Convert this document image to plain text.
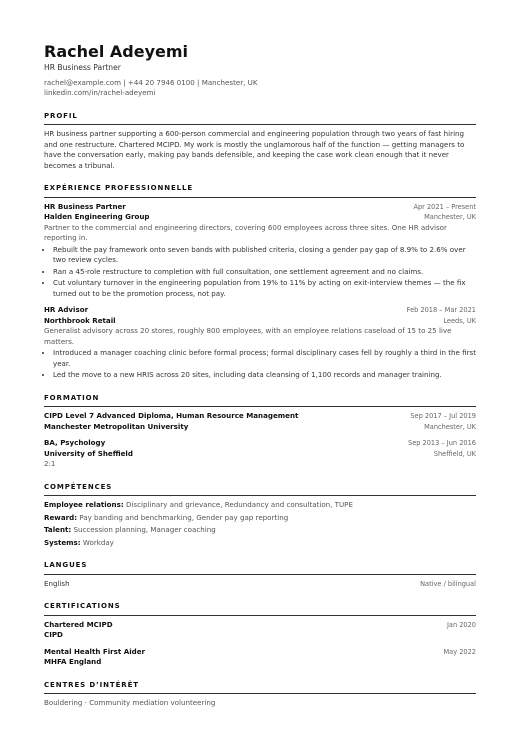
Rachel Adeyemi
HR Business Partner
rachel@example.com | +44 20 7946 0100 | Manchester, UK
linkedin.com/in/rachel-adeyemi
PROFIL
HR business partner supporting a 600-person commercial and engineering population through two years of fast hiring and one restructure. Chartered MCIPD. My work is mostly the unglamorous half of the function — getting managers to have the conversation early, making pay bands defensible, and keeping the case work clean enough that it never becomes a tribunal.
EXPÉRIENCE PROFESSIONNELLE
HR Business Partner	Apr 2021 – Present
Halden Engineering Group	Manchester, UK
Partner to the commercial and engineering directors, covering 600 employees across three sites. One HR advisor reporting in.
• Rebuilt the pay framework onto seven bands with published criteria, closing a gender pay gap of 8.9% to 2.6% over two review cycles.
• Ran a 45-role restructure to completion with full consultation, one settlement agreement and no claims.
• Cut voluntary turnover in the engineering population from 19% to 11% by acting on exit-interview themes — the fix turned out to be the promotion process, not pay.
HR Advisor	Feb 2018 – Mar 2021
Northbrook Retail	Leeds, UK
Generalist advisory across 20 stores, roughly 800 employees, with an employee relations caseload of 15 to 25 live matters.
• Introduced a manager coaching clinic before formal process; formal disciplinary cases fell by roughly a third in the first year.
• Led the move to a new HRIS across 20 sites, including data cleansing of 1,100 records and manager training.
FORMATION
CIPD Level 7 Advanced Diploma, Human Resource Management	Sep 2017 – Jul 2019
Manchester Metropolitan University	Manchester, UK
BA, Psychology	Sep 2013 – Jun 2016
University of Sheffield	Sheffield, UK
2:1
COMPÉTENCES
Employee relations: Disciplinary and grievance, Redundancy and consultation, TUPE
Reward: Pay banding and benchmarking, Gender pay gap reporting
Talent: Succession planning, Manager coaching
Systems: Workday
LANGUES
English	Native / bilingual
CERTIFICATIONS
Chartered MCIPD	Jan 2020
CIPD
Mental Health First Aider	May 2022
MHFA England
CENTRES D’INTÉRÊT
Bouldering · Community mediation volunteering
